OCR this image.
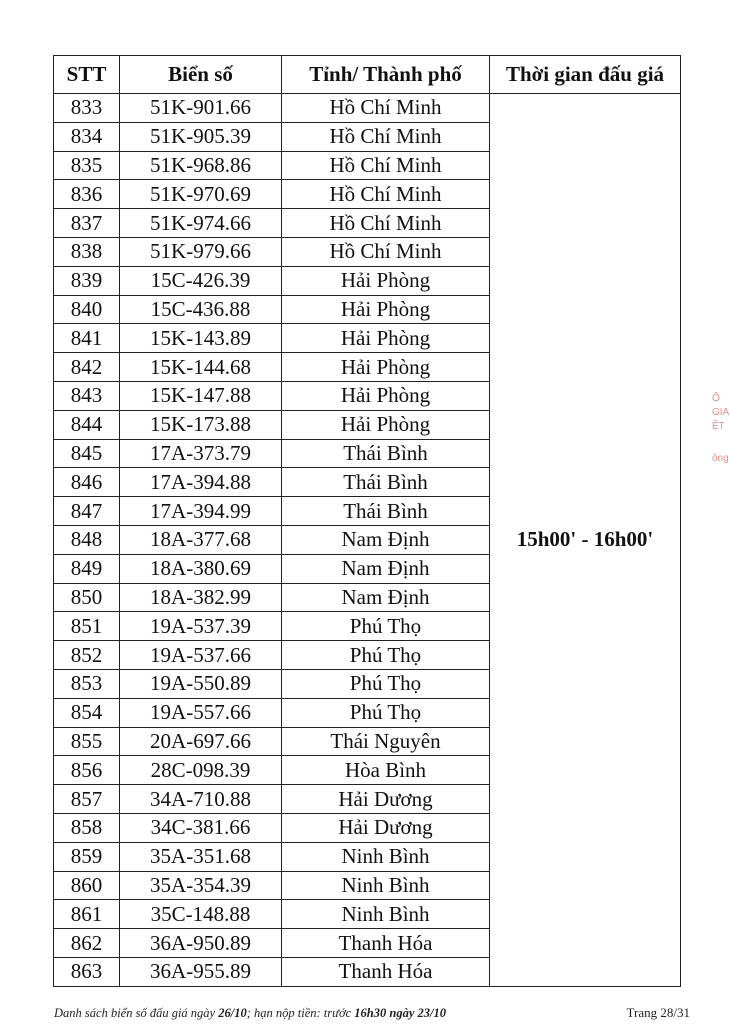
STT	Biển số	Tỉnh/ Thành phố	Thời gian đấu giá
833	51K-901.66	Hồ Chí Minh	15h00' - 16h00'
834	51K-905.39	Hồ Chí Minh	
835	51K-968.86	Hồ Chí Minh	
836	51K-970.69	Hồ Chí Minh	
837	51K-974.66	Hồ Chí Minh	
838	51K-979.66	Hồ Chí Minh	
839	15C-426.39	Hải Phòng	
840	15C-436.88	Hải Phòng	
841	15K-143.89	Hải Phòng	
842	15K-144.68	Hải Phòng	
843	15K-147.88	Hải Phòng	
844	15K-173.88	Hải Phòng	
845	17A-373.79	Thái Bình	
846	17A-394.88	Thái Bình	
847	17A-394.99	Thái Bình	
848	18A-377.68	Nam Định	
849	18A-380.69	Nam Định	
850	18A-382.99	Nam Định	
851	19A-537.39	Phú Thọ	
852	19A-537.66	Phú Thọ	
853	19A-550.89	Phú Thọ	
854	19A-557.66	Phú Thọ	
855	20A-697.66	Thái Nguyên	
856	28C-098.39	Hòa Bình	
857	34A-710.88	Hải Dương	
858	34C-381.66	Hải Dương	
859	35A-351.68	Ninh Bình	
860	35A-354.39	Ninh Bình	
861	35C-148.88	Ninh Bình	
862	36A-950.89	Thanh Hóa	
863	36A-955.89	Thanh Hóa	
Danh sách biển số đấu giá ngày 26/10; hạn nộp tiền: trước 16h30 ngày 23/10	Trang 28/31
Ô
GIA
ỆT
ông
